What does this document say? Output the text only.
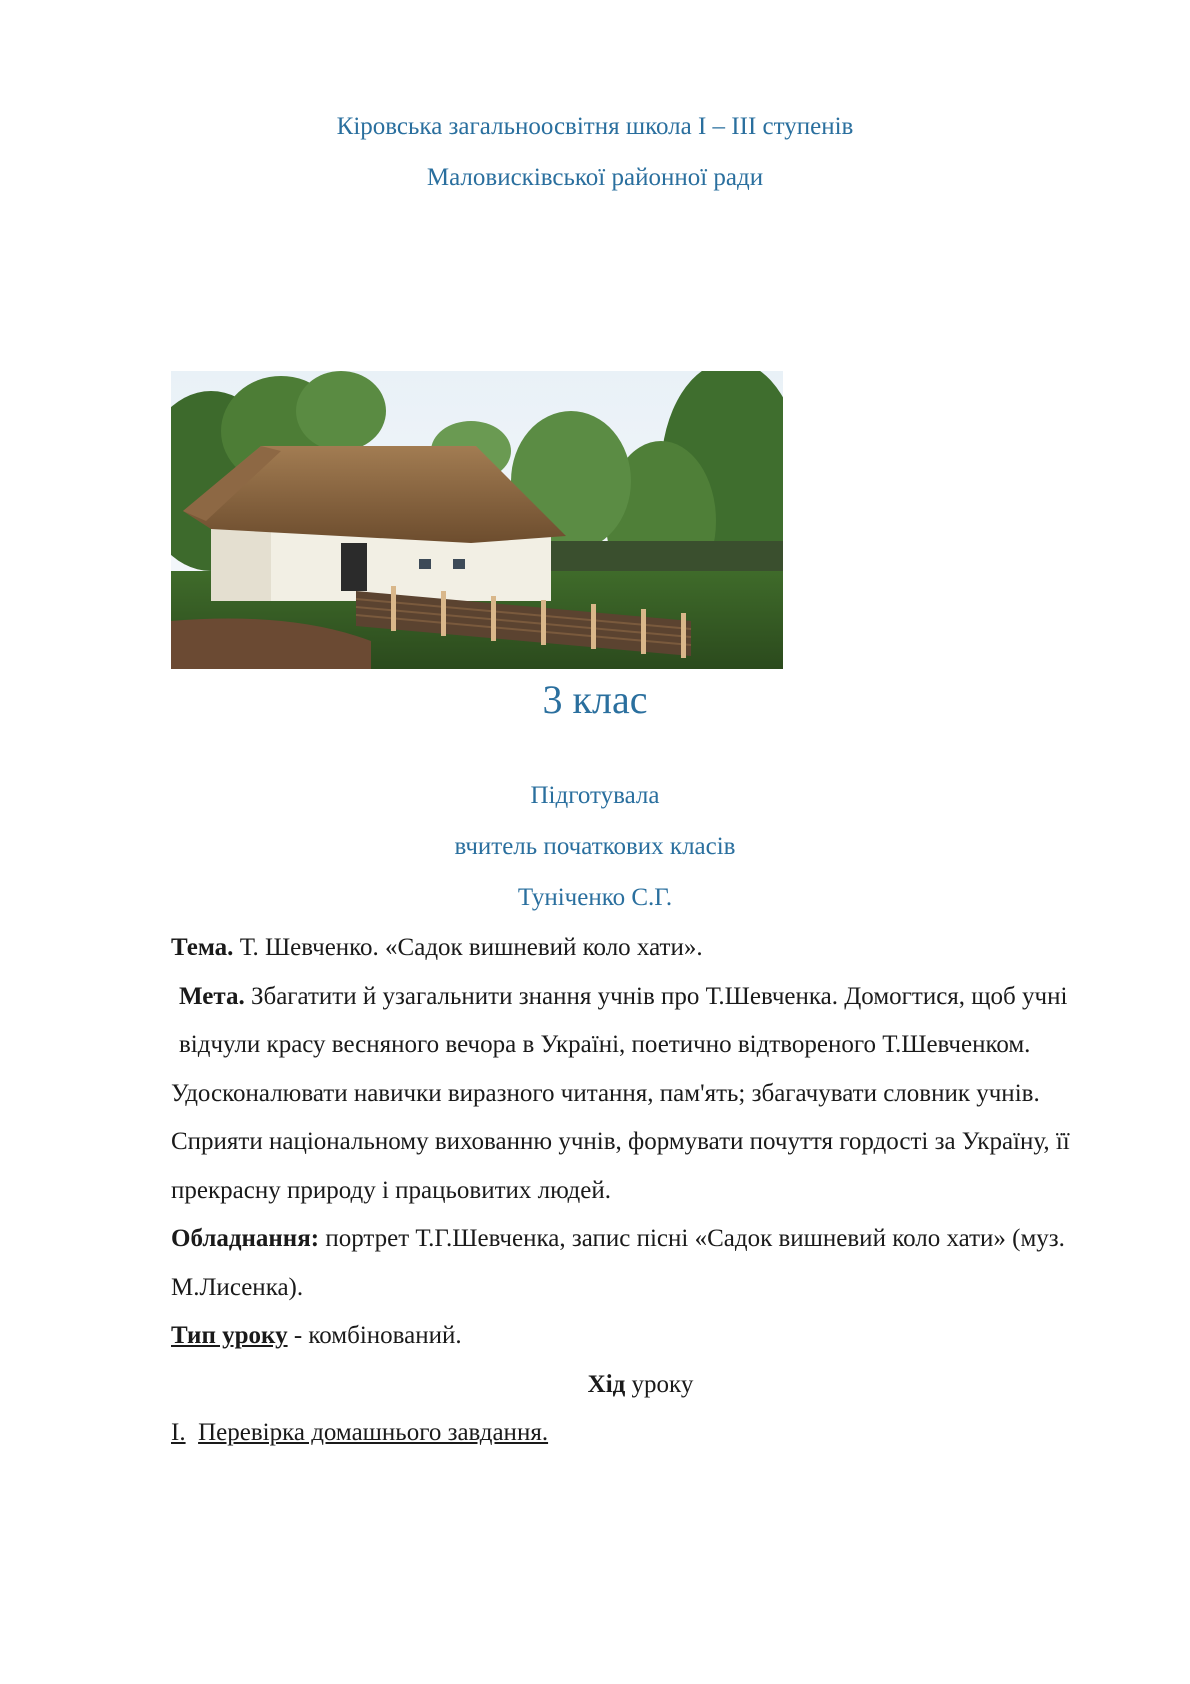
Кіровська загальноосвітня школа І – ІІІ ступенів
Маловисківської районної ради
3 клас
Підготувала
вчитель початкових класів
Туніченко С.Г.

Тема. Т. Шевченко. «Садок вишневий коло хати».

Мета. Збагатити й узагальнити знання учнів про Т.Шевченка. Домогтися, щоб учні відчули красу весняного вечора в Україні, поетично відтвореного Т.Шевченком.

Удосконалювати навички виразного читання, пам'ять; збагачувати словник учнів.

Сприяти національному вихованню учнів, формувати почуття гордості за Україну, її прекрасну природу і працьовитих людей.

Обладнання: портрет Т.Г.Шевченка, запис пісні «Садок вишневий коло хати» (муз. М.Лисенка).

Тип уроку - комбінований.

Хід уроку

І. Перевірка домашнього завдання.
